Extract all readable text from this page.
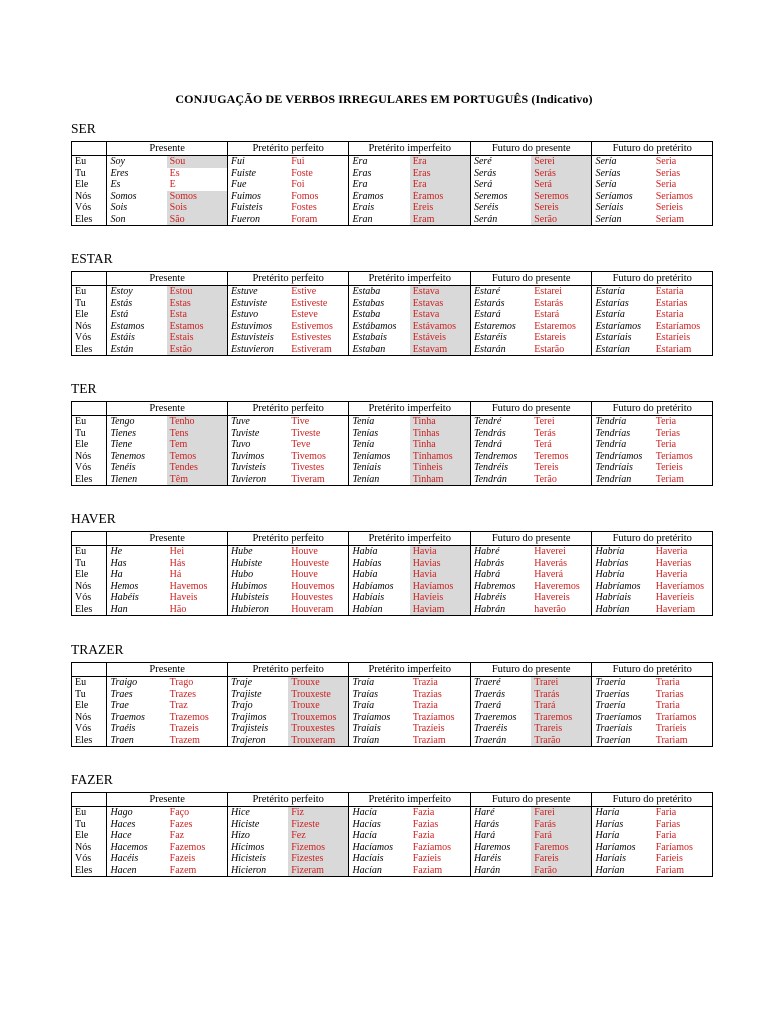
CONJUGAÇÃO DE VERBOS IRREGULARES EM PORTUGUÊS (Indicativo)
SER
	Presente		Pretérito perfeito		Pretérito imperfeito		Futuro do presente		Futuro do pretérito	
Eu	Soy	Sou	Fui	Fui	Era	Era	Seré	Serei	Sería	Seria
Tu	Eres	Es	Fuiste	Foste	Eras	Eras	Serás	Serás	Serías	Serias
Ele	Es	E	Fue	Foi	Era	Era	Será	Será	Sería	Seria
Nós	Somos	Somos	Fuimos	Fomos	Éramos	Éramos	Seremos	Seremos	Seríamos	Seríamos
Vós	Sois	Sois	Fuisteis	Fostes	Erais	Ereis	Seréis	Sereis	Seríais	Seríeis
Eles	Son	São	Fueron	Foram	Eran	Eram	Serán	Serão	Serían	Seriam
ESTAR
	Presente		Pretérito perfeito		Pretérito imperfeito		Futuro do presente		Futuro do pretérito	
Eu	Estoy	Estou	Estuve	Estive	Estaba	Estava	Estaré	Estarei	Estaría	Estaria
Tu	Estás	Estas	Estuviste	Estiveste	Estabas	Estavas	Estarás	Estarás	Estarías	Estarias
Ele	Está	Esta	Estuvo	Esteve	Estaba	Estava	Estará	Estará	Estaría	Estaria
Nós	Estamos	Estamos	Estuvimos	Estivemos	Estábamos	Estávamos	Estaremos	Estaremos	Estaríamos	Estaríamos
Vós	Estáis	Estais	Estuvisteis	Estivestes	Estabais	Estáveis	Estaréis	Estareis	Estaríais	Estaríeis
Eles	Están	Estão	Estuvieron	Estiveram	Estaban	Estavam	Estarán	Estarão	Estarían	Estariam
TER
	Presente		Pretérito perfeito		Pretérito imperfeito		Futuro do presente		Futuro do pretérito	
Eu	Tengo	Tenho	Tuve	Tive	Tenía	Tinha	Tendré	Terei	Tendría	Teria
Tu	Tienes	Tens	Tuviste	Tiveste	Tenías	Tinhas	Tendrás	Terás	Tendrías	Terias
Ele	Tiene	Tem	Tuvo	Teve	Tenía	Tinha	Tendrá	Terá	Tendría	Teria
Nós	Tenemos	Temos	Tuvimos	Tivemos	Teníamos	Tínhamos	Tendremos	Teremos	Tendríamos	Teríamos
Vós	Tenéis	Tendes	Tuvisteis	Tivestes	Teníais	Tínheis	Tendréis	Tereis	Tendríais	Teríeis
Eles	Tienen	Têm	Tuvieron	Tiveram	Tenían	Tinham	Tendrán	Terão	Tendrían	Teriam
HAVER
	Presente		Pretérito perfeito		Pretérito imperfeito		Futuro do presente		Futuro do pretérito	
Eu	He	Hei	Hube	Houve	Había	Havia	Habré	Haverei	Habría	Haveria
Tu	Has	Hás	Hubiste	Houveste	Habías	Havias	Habrás	Haverás	Habrías	Haverias
Ele	Ha	Há	Hubo	Houve	Había	Havia	Habrá	Haverá	Habría	Haveria
Nós	Hemos	Havemos	Hubimos	Houvemos	Habíamos	Havíamos	Habremos	Haveremos	Habríamos	Haveríamos
Vós	Habéis	Haveis	Hubisteis	Houvestes	Habíais	Havíeis	Habréis	Havereis	Habríais	Haveríeis
Eles	Han	Hão	Hubieron	Houveram	Habían	Haviam	Habrán	haverão	Habrían	Haveriam
TRAZER
	Presente		Pretérito perfeito		Pretérito imperfeito		Futuro do presente		Futuro do pretérito	
Eu	Traigo	Trago	Traje	Trouxe	Traía	Trazia	Traeré	Trarei	Traería	Traria
Tu	Traes	Trazes	Trajiste	Trouxeste	Traías	Trazias	Traerás	Trarás	Traerías	Trarias
Ele	Trae	Traz	Trajo	Trouxe	Traía	Trazia	Traerá	Trará	Traería	Traria
Nós	Traemos	Trazemos	Trajimos	Trouxemos	Traíamos	Trazíamos	Traeremos	Traremos	Traeríamos	Traríamos
Vós	Traéis	Trazeis	Trajisteis	Trouxestes	Traíais	Trazíeis	Traeréis	Trareis	Traeríais	Traríeis
Eles	Traen	Trazem	Trajeron	Trouxeram	Traían	Traziam	Traerán	Trarão	Traerían	Trariam
FAZER
	Presente		Pretérito perfeito		Pretérito imperfeito		Futuro do presente		Futuro do pretérito	
Eu	Hago	Faço	Hice	Fiz	Hacía	Fazia	Haré	Farei	Haría	Faria
Tu	Haces	Fazes	Hiciste	Fizeste	Hacías	Fazias	Harás	Farás	Harías	Farias
Ele	Hace	Faz	Hizo	Fez	Hacía	Fazia	Hará	Fará	Haría	Faria
Nós	Hacemos	Fazemos	Hicimos	Fizemos	Hacíamos	Fazíamos	Haremos	Faremos	Haríamos	Faríamos
Vós	Hacéis	Fazeis	Hicisteis	Fizestes	Hacíais	Fazíeis	Haréis	Fareis	Haríais	Faríeis
Eles	Hacen	Fazem	Hicieron	Fizeram	Hacían	Faziam	Harán	Farão	Harían	Fariam
